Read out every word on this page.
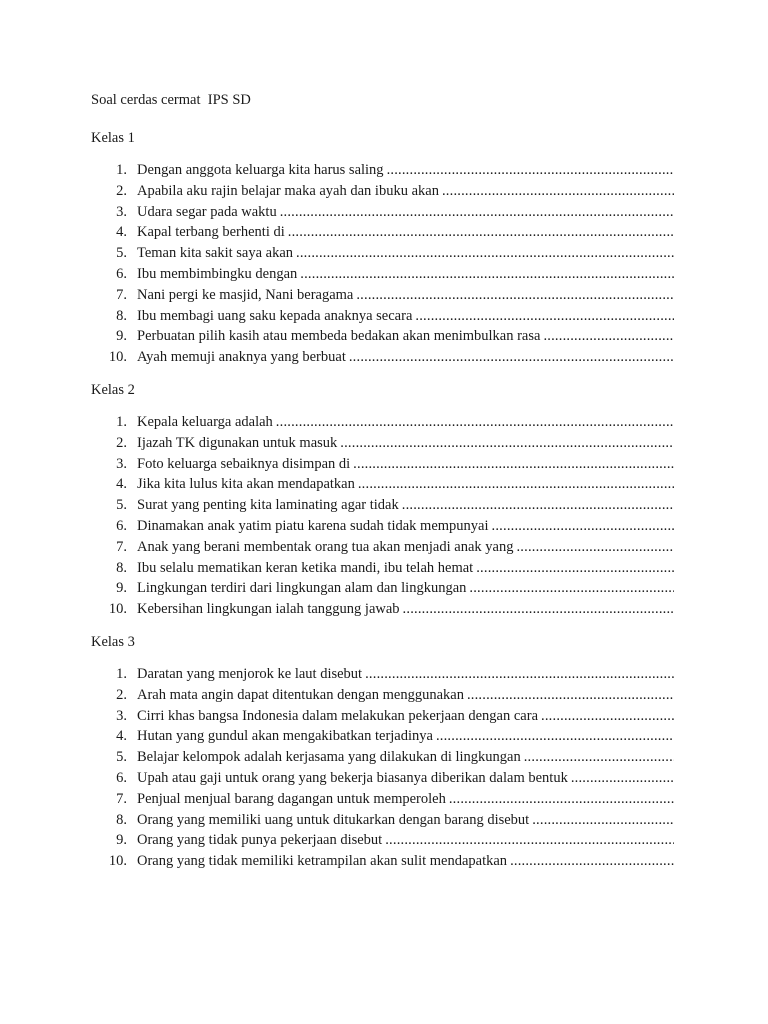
Soal cerdas cermat  IPS SD
Kelas 1
1. Dengan anggota keluarga kita harus saling
.....
2. Apabila aku rajin belajar maka ayah dan ibuku akan
.....
3. Udara segar pada waktu
.....
4. Kapal terbang berhenti di
.....
5. Teman kita sakit saya akan
.....
6. Ibu membimbingku dengan
.....
7. Nani pergi ke masjid, Nani beragama
.....
8. Ibu membagi uang saku kepada anaknya secara
.....
9. Perbuatan pilih kasih atau membeda bedakan akan menimbulkan rasa
.....
10. Ayah memuji anaknya yang berbuat
.....
Kelas 2
1. Kepala keluarga adalah
.....
2. Ijazah TK digunakan untuk masuk
.....
3. Foto keluarga sebaiknya disimpan di
.....
4. Jika kita lulus kita akan mendapatkan
.....
5. Surat yang penting kita laminating agar tidak
.....
6. Dinamakan anak yatim piatu karena sudah tidak mempunyai
.....
7. Anak yang berani membentak orang tua akan menjadi anak yang
.....
8. Ibu selalu mematikan keran ketika mandi, ibu telah hemat
.....
9. Lingkungan terdiri dari lingkungan alam dan lingkungan
.....
10. Kebersihan lingkungan ialah tanggung jawab
.....
Kelas 3
1. Daratan yang menjorok ke laut disebut
.....
2. Arah mata angin dapat ditentukan dengan menggunakan
.....
3. Cirri khas bangsa Indonesia dalam melakukan pekerjaan dengan cara
.....
4. Hutan yang gundul akan mengakibatkan terjadinya
.....
5. Belajar kelompok adalah kerjasama yang dilakukan di lingkungan
.....
6. Upah atau gaji untuk orang yang bekerja biasanya diberikan dalam bentuk
.....
7. Penjual menjual barang dagangan untuk memperoleh
.....
8. Orang yang memiliki uang untuk ditukarkan dengan barang disebut
.....
9. Orang yang tidak punya pekerjaan disebut
.....
10. Orang yang tidak memiliki ketrampilan akan sulit mendapatkan
.....
